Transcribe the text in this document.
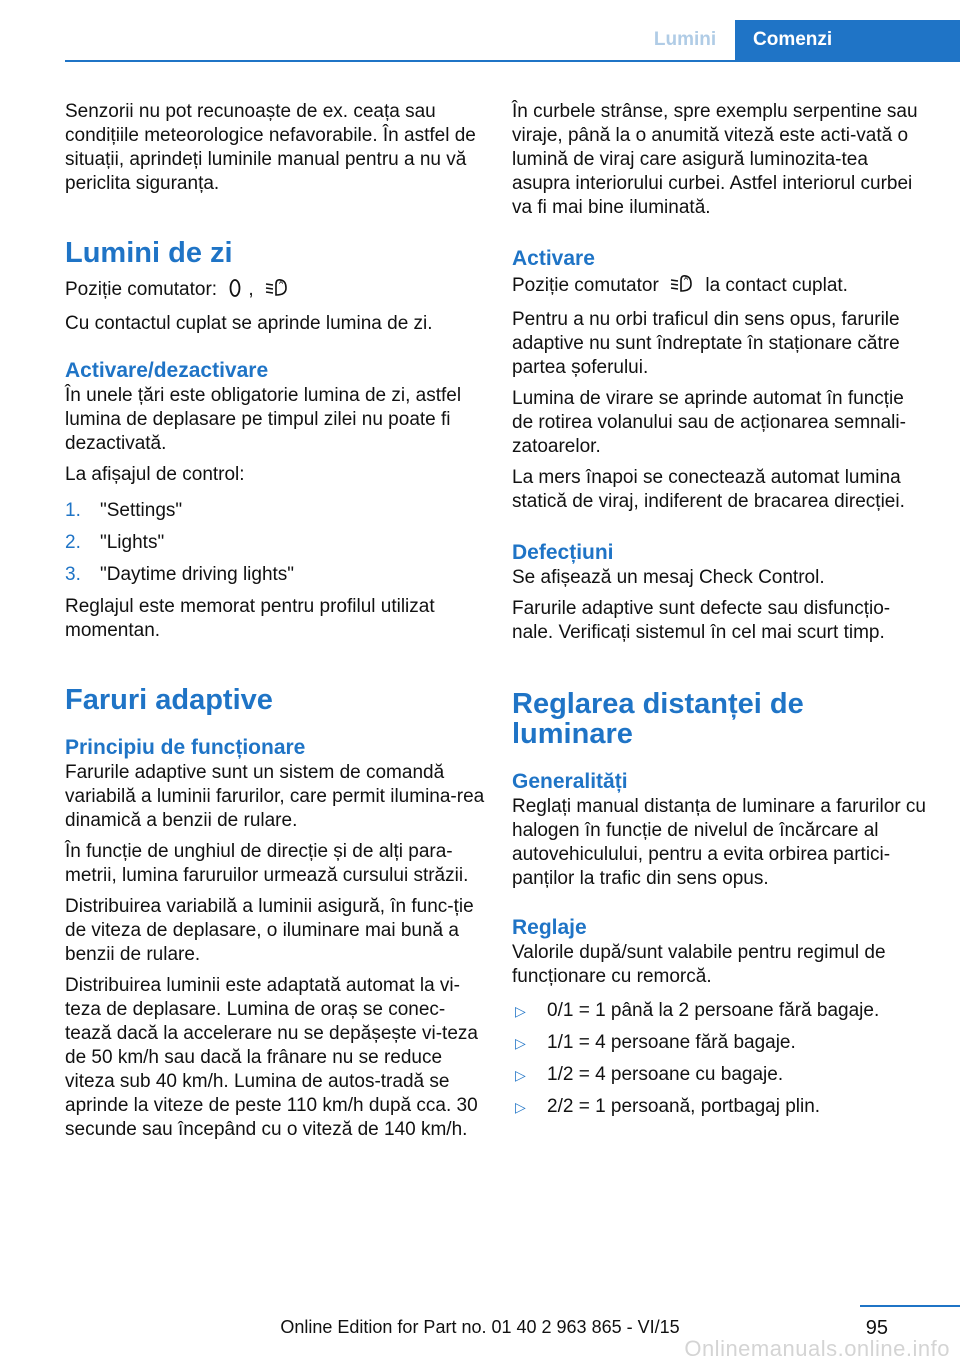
Lumini	Comenzi

Senzorii nu pot recunoaște de ex. ceața sau condițiile meteorologice nefavorabile. În astfel de situații, aprindeți luminile manual pentru a nu vă periclita siguranța.

Lumini de zi

Poziție comutator: ,	A

Cu contactul cuplat se aprinde lumina de zi.

Activare/dezactivare

În unele țări este obligatorie lumina de zi, astfel lumina de deplasare pe timpul zilei nu poate fi dezactivată.

La afișajul de control:

1. "Settings"
2. "Lights"
3. "Daytime driving lights"

Reglajul este memorat pentru profilul utilizat momentan.

Faruri adaptive
Principiu de funcționare

Farurile adaptive sunt un sistem de comandă variabilă a luminii farurilor, care permit ilumina-rea dinamică a benzii de rulare.

În funcție de unghiul de direcție și de alți para-metrii, lumina faruruilor urmează cursului străzii.

Distribuirea variabilă a luminii asigură, în func-ție de viteza de deplasare, o iluminare mai bună a benzii de rulare.

Distribuirea luminii este adaptată automat la vi-teza de deplasare. Lumina de oraș se conec-tează dacă la accelerare nu se depășește vi-teza de 50 km/h sau dacă la frânare nu se reduce viteza sub 40 km/h. Lumina de autos-tradă se aprinde la viteze de peste 110 km/h după cca. 30 secunde sau începând cu o viteză de 140 km/h.

În curbele strânse, spre exemplu serpentine sau viraje, până la o anumită viteză este acti-vată o lumină de viraj care asigură luminozita-tea asupra interiorului curbei. Astfel interiorul curbei va fi mai bine iluminată.

Activare

Poziție comutator	A la contact cuplat.

Pentru a nu orbi traficul din sens opus, farurile adaptive nu sunt îndreptate în staționare către partea șoferului.

Lumina de virare se aprinde automat în funcție de rotirea volanului sau de acționarea semnali-zatoarelor.

La mers înapoi se conectează automat lumina statică de viraj, indiferent de bracarea direcției.

Defecțiuni

Se afișează un mesaj Check Control.

Farurile adaptive sunt defecte sau disfuncțio-nale. Verificați sistemul în cel mai scurt timp.

Reglarea distanței de luminare
Generalități

Reglați manual distanța de luminare a farurilor cu halogen în funcție de nivelul de încărcare al autovehiculului, pentru a evita orbirea partici-panților la trafic din sens opus.

Reglaje

Valorile după/sunt valabile pentru regimul de funcționare cu remorcă.

▷ 0/1 = 1 până la 2 persoane fără bagaje.
▷ 1/1 = 4 persoane fără bagaje.
▷ 1/2 = 4 persoane cu bagaje.
▷ 2/2 = 1 persoană, portbagaj plin.
95
Online Edition for Part no. 01 40 2 963 865 - VI/15
Onlinemanuals.online.info
